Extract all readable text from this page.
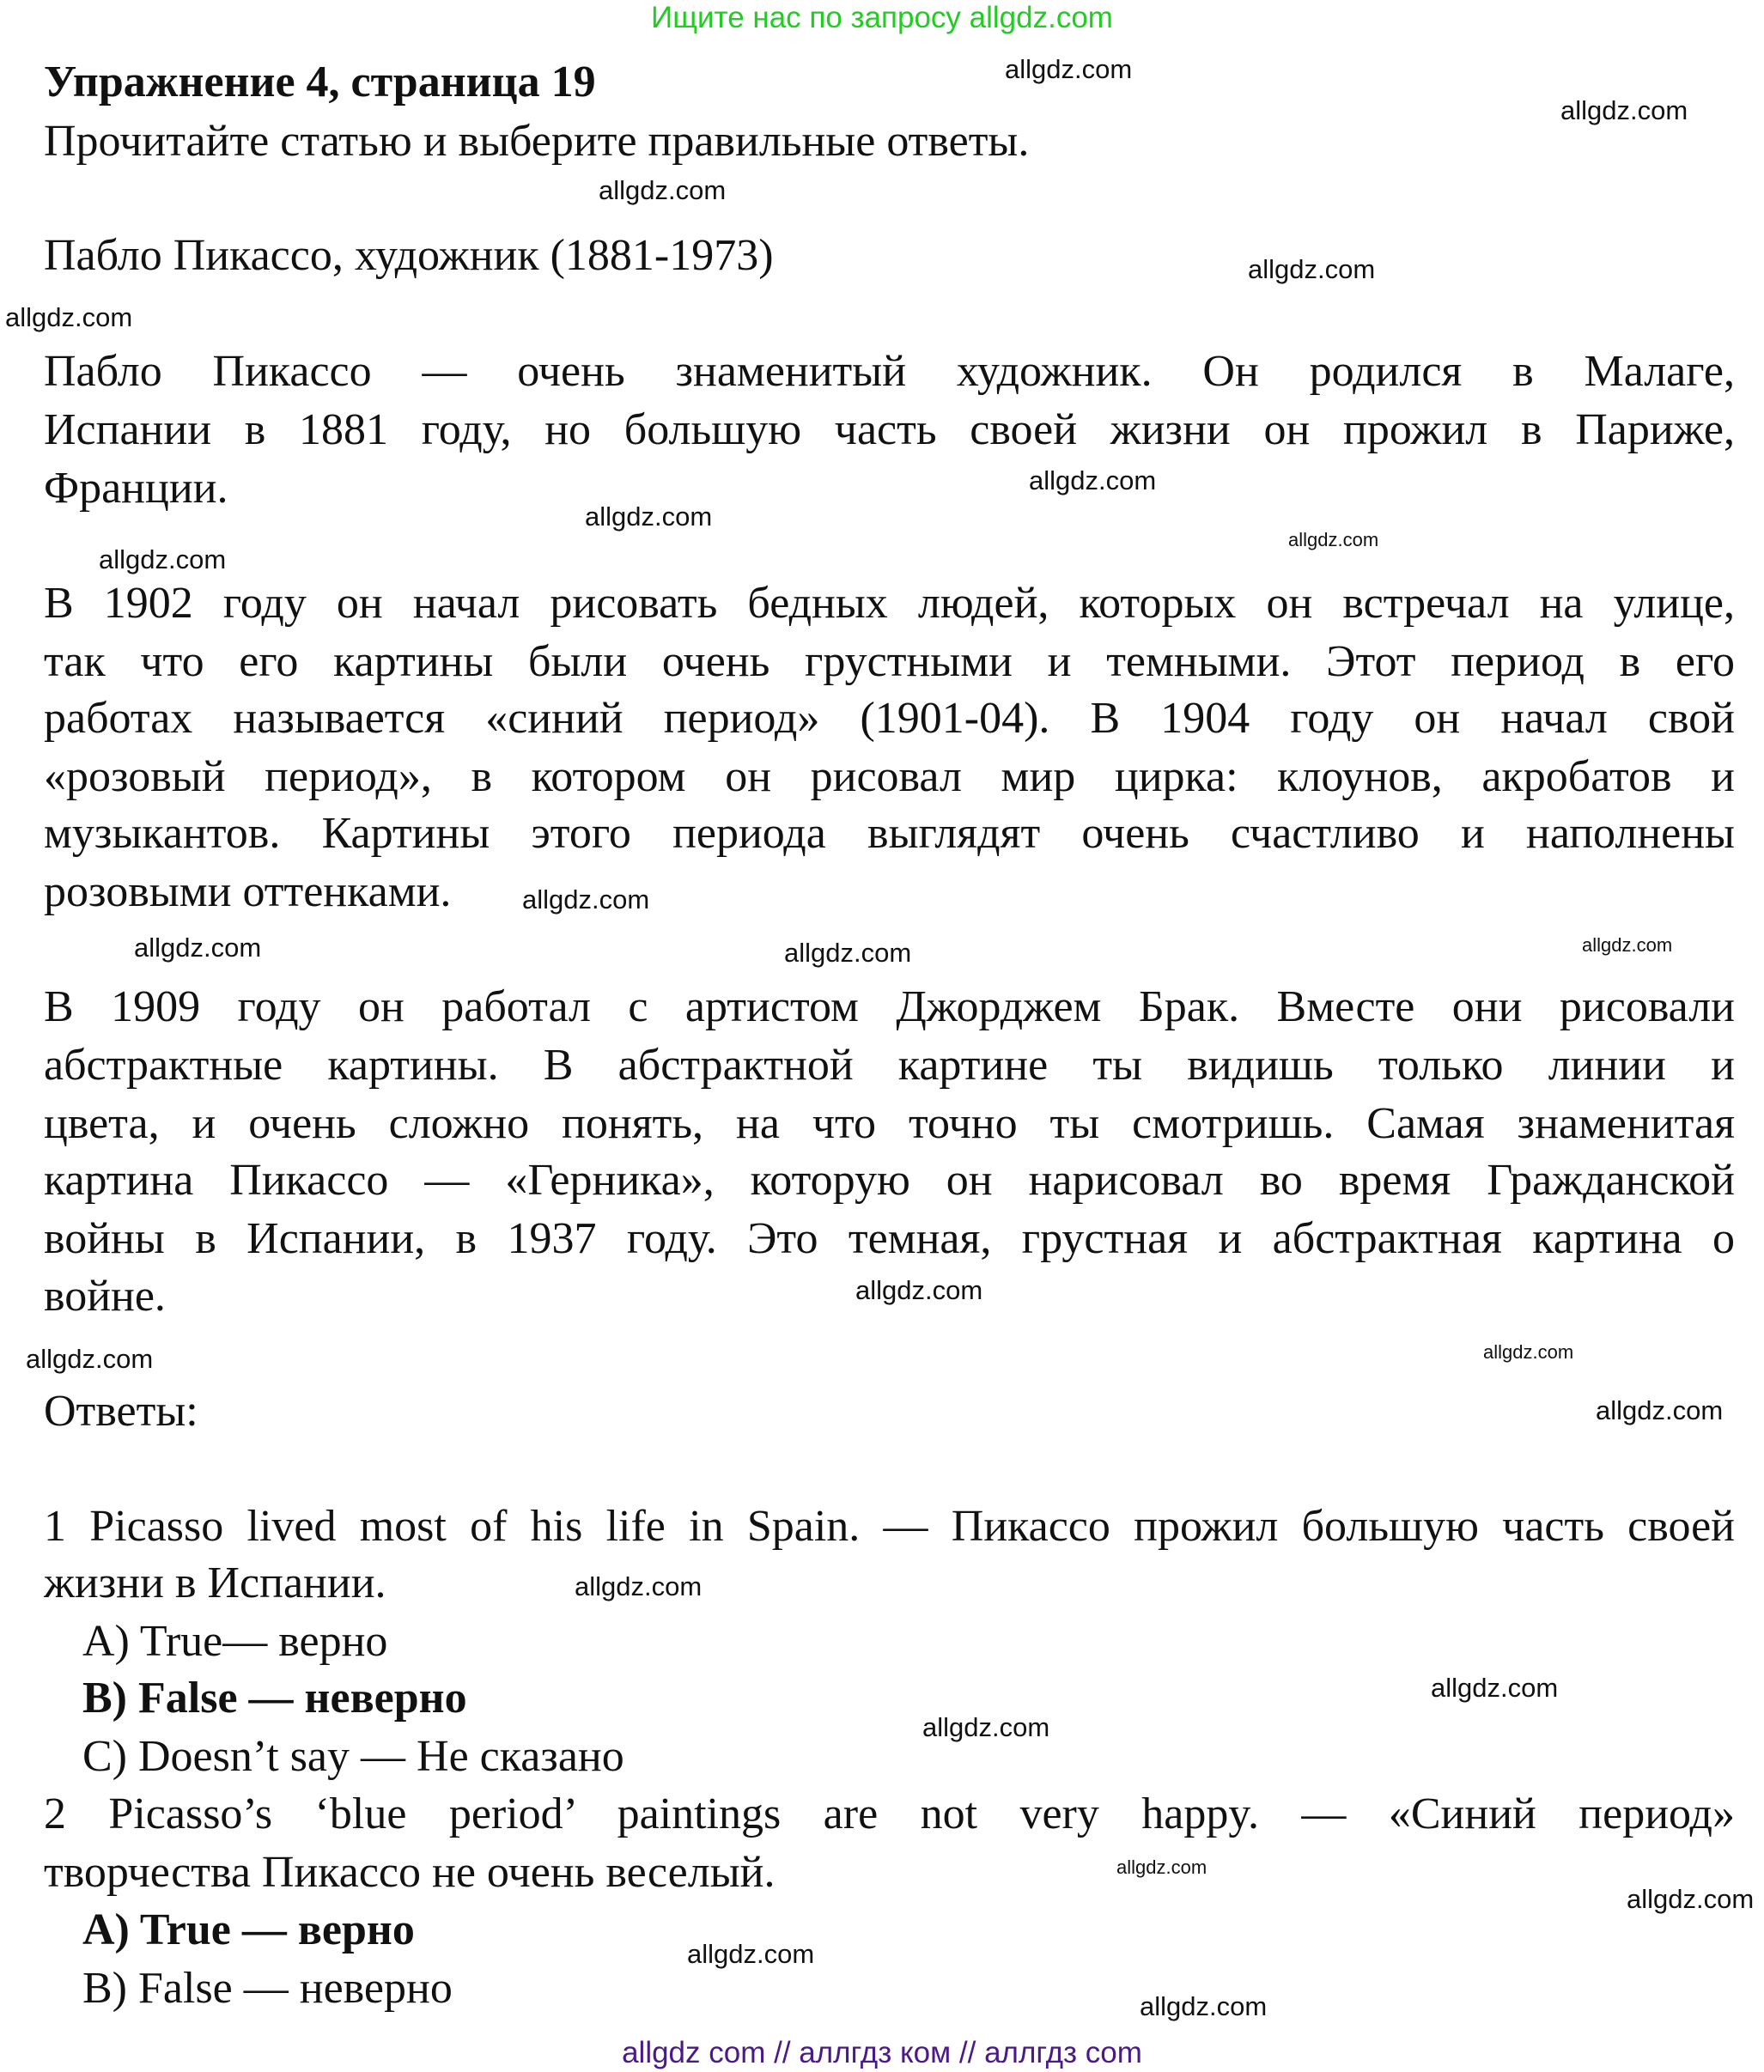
Ищите нас по запросу allgdz.com
Упражнение 4, страница 19
Прочитайте статью и выберите правильные ответы.
Пабло Пикассо, художник (1881-1973)
Пабло Пикассо — очень знаменитый художник. Он родился в Малаге,
Испании в 1881 году, но большую часть своей жизни он прожил в Париже,
Франции.
В 1902 году он начал рисовать бедных людей, которых он встречал на улице,
так что его картины были очень грустными и темными. Этот период в его
работах называется «синий период» (1901-04). В 1904 году он начал свой
«розовый период», в котором он рисовал мир цирка: клоунов, акробатов и
музыкантов. Картины этого периода выглядят очень счастливо и наполнены
розовыми оттенками.
В 1909 году он работал с артистом Джорджем Брак. Вместе они рисовали
абстрактные картины. В абстрактной картине ты видишь только линии и
цвета, и очень сложно понять, на что точно ты смотришь. Самая знаменитая
картина Пикассо — «Герника», которую он нарисовал во время Гражданской
войны в Испании, в 1937 году. Это темная, грустная и абстрактная картина о
войне.
Ответы:
1 Picasso lived most of his life in Spain. — Пикассо прожил большую часть своей
жизни в Испании.
A) True— верно
B) False — неверно
C) Doesn’t say — Не сказано
2 Picasso’s ‘blue period’ paintings are not very happy. — «Синий период»
творчества Пикассо не очень веселый.
A) True — верно
B) False — неверно
allgdz.com
allgdz.com
allgdz.com
allgdz.com
allgdz.com
allgdz.com
allgdz.com
allgdz.com
allgdz.com
allgdz.com
allgdz.com
allgdz.com	allgdz.com
allgdz.com
allgdz.com
allgdz.com
allgdz.com
allgdz.com
allgdz.com
allgdz.com
allgdz.com
allgdz.com
allgdz.com
allgdz.com
allgdz com // аллгдз ком // аллгдз com
